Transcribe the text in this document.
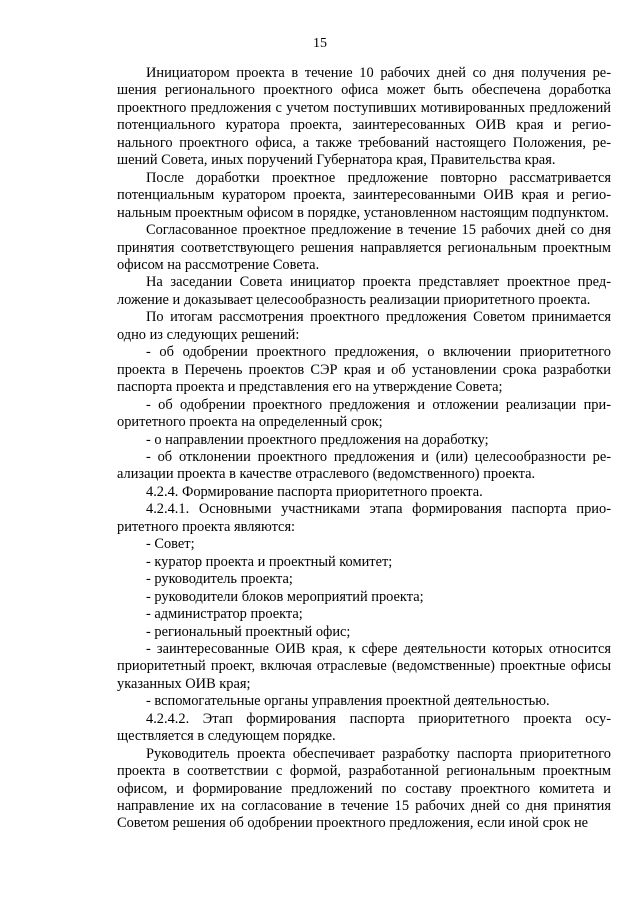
15

Инициатором проекта в течение 10 рабочих дней со дня получения решения регионального проектного офиса может быть обеспечена доработка проектного предложения с учетом поступивших мотивированных предложений потенциального куратора проекта, заинтересованных ОИВ края и регионального проектного офиса, а также требований настоящего Положения, решений Совета, иных поручений Губернатора края, Правительства края.

После доработки проектное предложение повторно рассматривается потенциальным куратором проекта, заинтересованными ОИВ края и региональным проектным офисом в порядке, установленном настоящим подпунктом.

Согласованное проектное предложение в течение 15 рабочих дней со дня принятия соответствующего решения направляется региональным проектным офисом на рассмотрение Совета.

На заседании Совета инициатор проекта представляет проектное предложение и доказывает целесообразность реализации приоритетного проекта.

По итогам рассмотрения проектного предложения Советом принимается одно из следующих решений:

- об одобрении проектного предложения, о включении приоритетного проекта в Перечень проектов СЭР края и об установлении срока разработки паспорта проекта и представления его на утверждение Совета;

- об одобрении проектного предложения и отложении реализации приоритетного проекта на определенный срок;

- о направлении проектного предложения на доработку;

- об отклонении проектного предложения и (или) целесообразности реализации проекта в качестве отраслевого (ведомственного) проекта.

4.2.4. Формирование паспорта приоритетного проекта.

4.2.4.1. Основными участниками этапа формирования паспорта приоритетного проекта являются:

- Совет;

- куратор проекта и проектный комитет;

- руководитель проекта;

- руководители блоков мероприятий проекта;

- администратор проекта;

- региональный проектный офис;

- заинтересованные ОИВ края, к сфере деятельности которых относится приоритетный проект, включая отраслевые (ведомственные) проектные офисы указанных ОИВ края;

- вспомогательные органы управления проектной деятельностью.

4.2.4.2. Этап формирования паспорта приоритетного проекта осуществляется в следующем порядке.

Руководитель проекта обеспечивает разработку паспорта приоритетного проекта в соответствии с формой, разработанной региональным проектным офисом, и формирование предложений по составу проектного комитета и направление их на согласование в течение 15 рабочих дней со дня принятия Советом решения об одобрении проектного предложения, если иной срок не
